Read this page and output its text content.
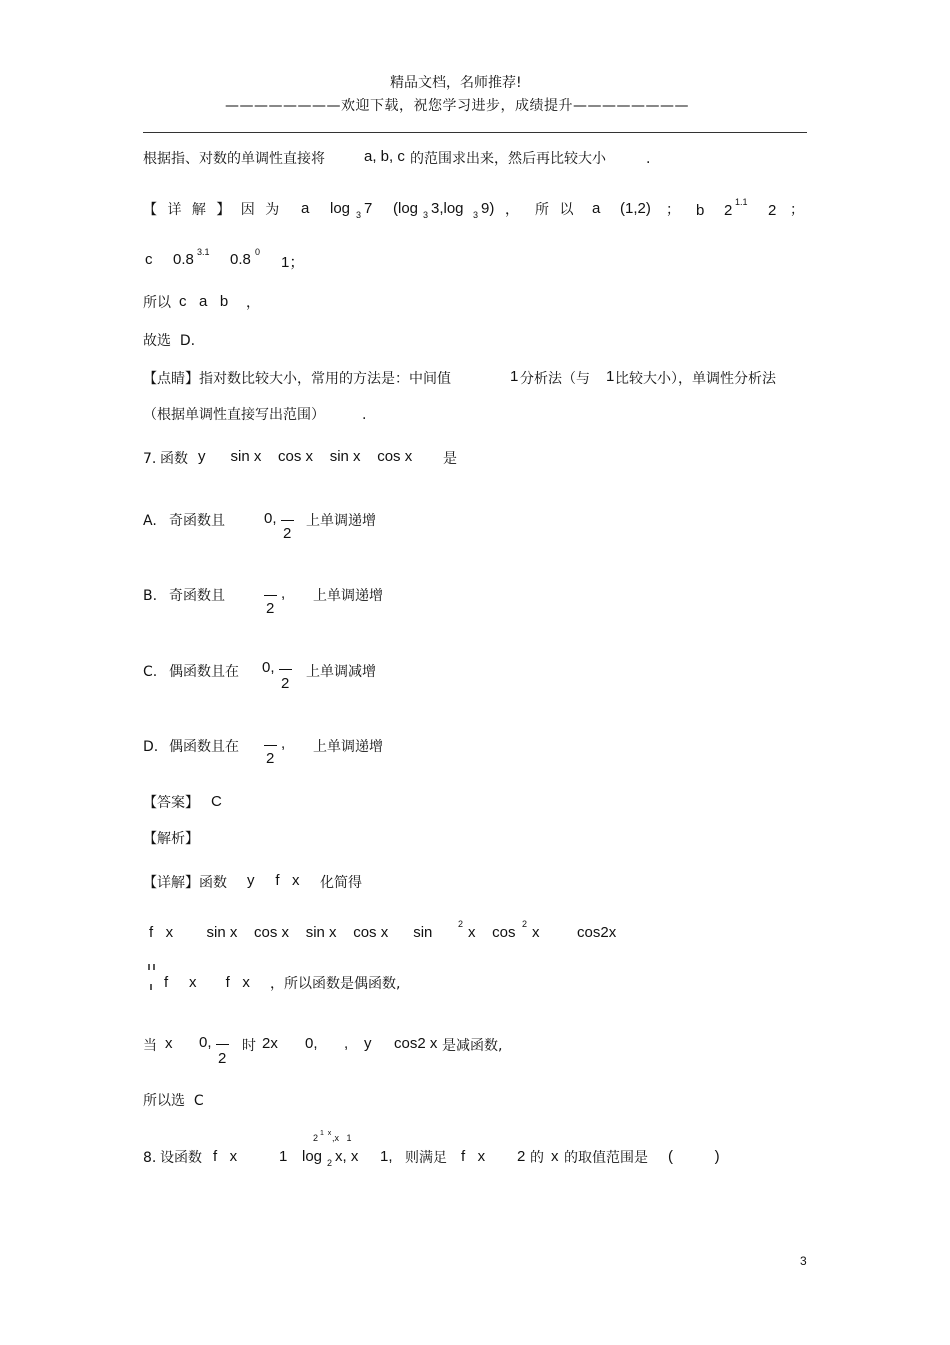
精品文档，名师推荐!
————————欢迎下载，祝您学习进步，成绩提升————————
根据指、对数的单调性直接将	a, b, c 的范围求出来，然后再比较大小	.
【 详 解 】 因 为 a log 3 7 (log 3 3,log 3 9) ， 所 以 a (1,2) ； b 2 1.1 2 ；
c 0.8 3.1 0.8 0
1；
所以 c   a   b ，
故选  D.
【点睛】指对数比较大小，常用的方法是：中间值	1 分析法（与 1 比较大小），单调性分析法
（根据单调性直接写出范围）	.
7. 函数 y      sin x    cos x    sin x    cos x 是
A. 奇函数且	0,
2
上单调递增
B. 奇函数且
2
, 上单调递增
C. 偶函数且在 0,
2
上单调减增
D. 偶函数且在
2
, 上单调递增
【答案】 C
【解析】
【详解】函数 y     f   x 化简得
f   x        sin x    cos x    sin x    cos x      sin	2 x    cos 2 x         cos2x
f     x       f   x ，所以函数是偶函数,
当 x 0,
2
时 2x 0, , y cos2 x 是减函数,
所以选  C
2 1  x ,x   1
8. 设函数 f   x	1 log 2 x, x 1, 则满足 f   x 2 的 x 的取值范围是 (          )
3
